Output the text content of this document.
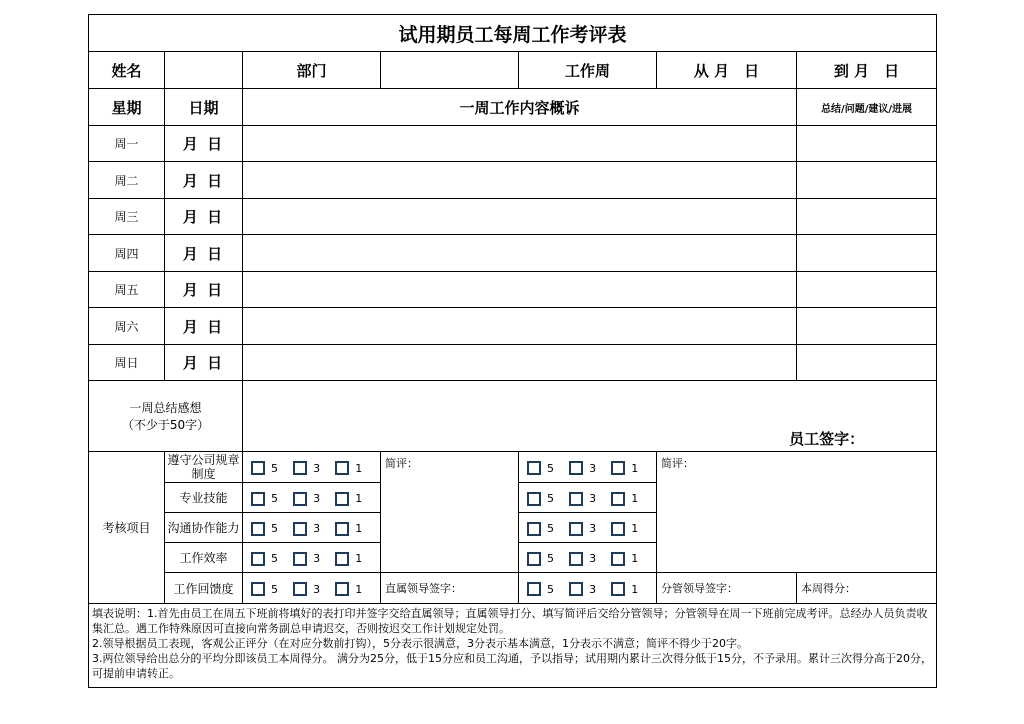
试用期员工每周工作考评表						
姓名		部门		工作周	从 月　日	到 月　日
星期	日期	一周工作内容概诉				总结/问题/建议/进展
周一	月 日					
周二	月 日					
周三	月 日					
周四	月 日					
周五	月 日					
周六	月 日					
周日	月 日					

一周总结感想
（不少于50字）		员工签字：				

考核项目	遵守公司规章制度	5 3 1	简评：	5 3 1	简评：	
	专业技能	5 3 1		5 3 1		
	沟通协作能力	5 3 1		5 3 1		
	工作效率	5 3 1		5 3 1		
	工作回馈度	5 3 1	直属领导签字：	5 3 1	分管领导签字：	本周得分：

填表说明：1.首先由员工在周五下班前将填好的表打印并签字交给直属领导；直属领导打分、填写简评后交给分管领导；分管领导在周一下班前完成考评。总经办人员负责收集汇总。遇工作特殊原因可直接向常务副总申请迟交，否则按迟交工作计划规定处罚。
2.领导根据员工表现，客观公正评分（在对应分数前打钩），5分表示很满意，3分表示基本满意，1分表示不满意；简评不得少于20字。
3.两位领导给出总分的平均分即该员工本周得分。 满分为25分，低于15分应和员工沟通，予以指导；试用期内累计三次得分低于15分，不予录用。累计三次得分高于20分，可提前申请转正。						
